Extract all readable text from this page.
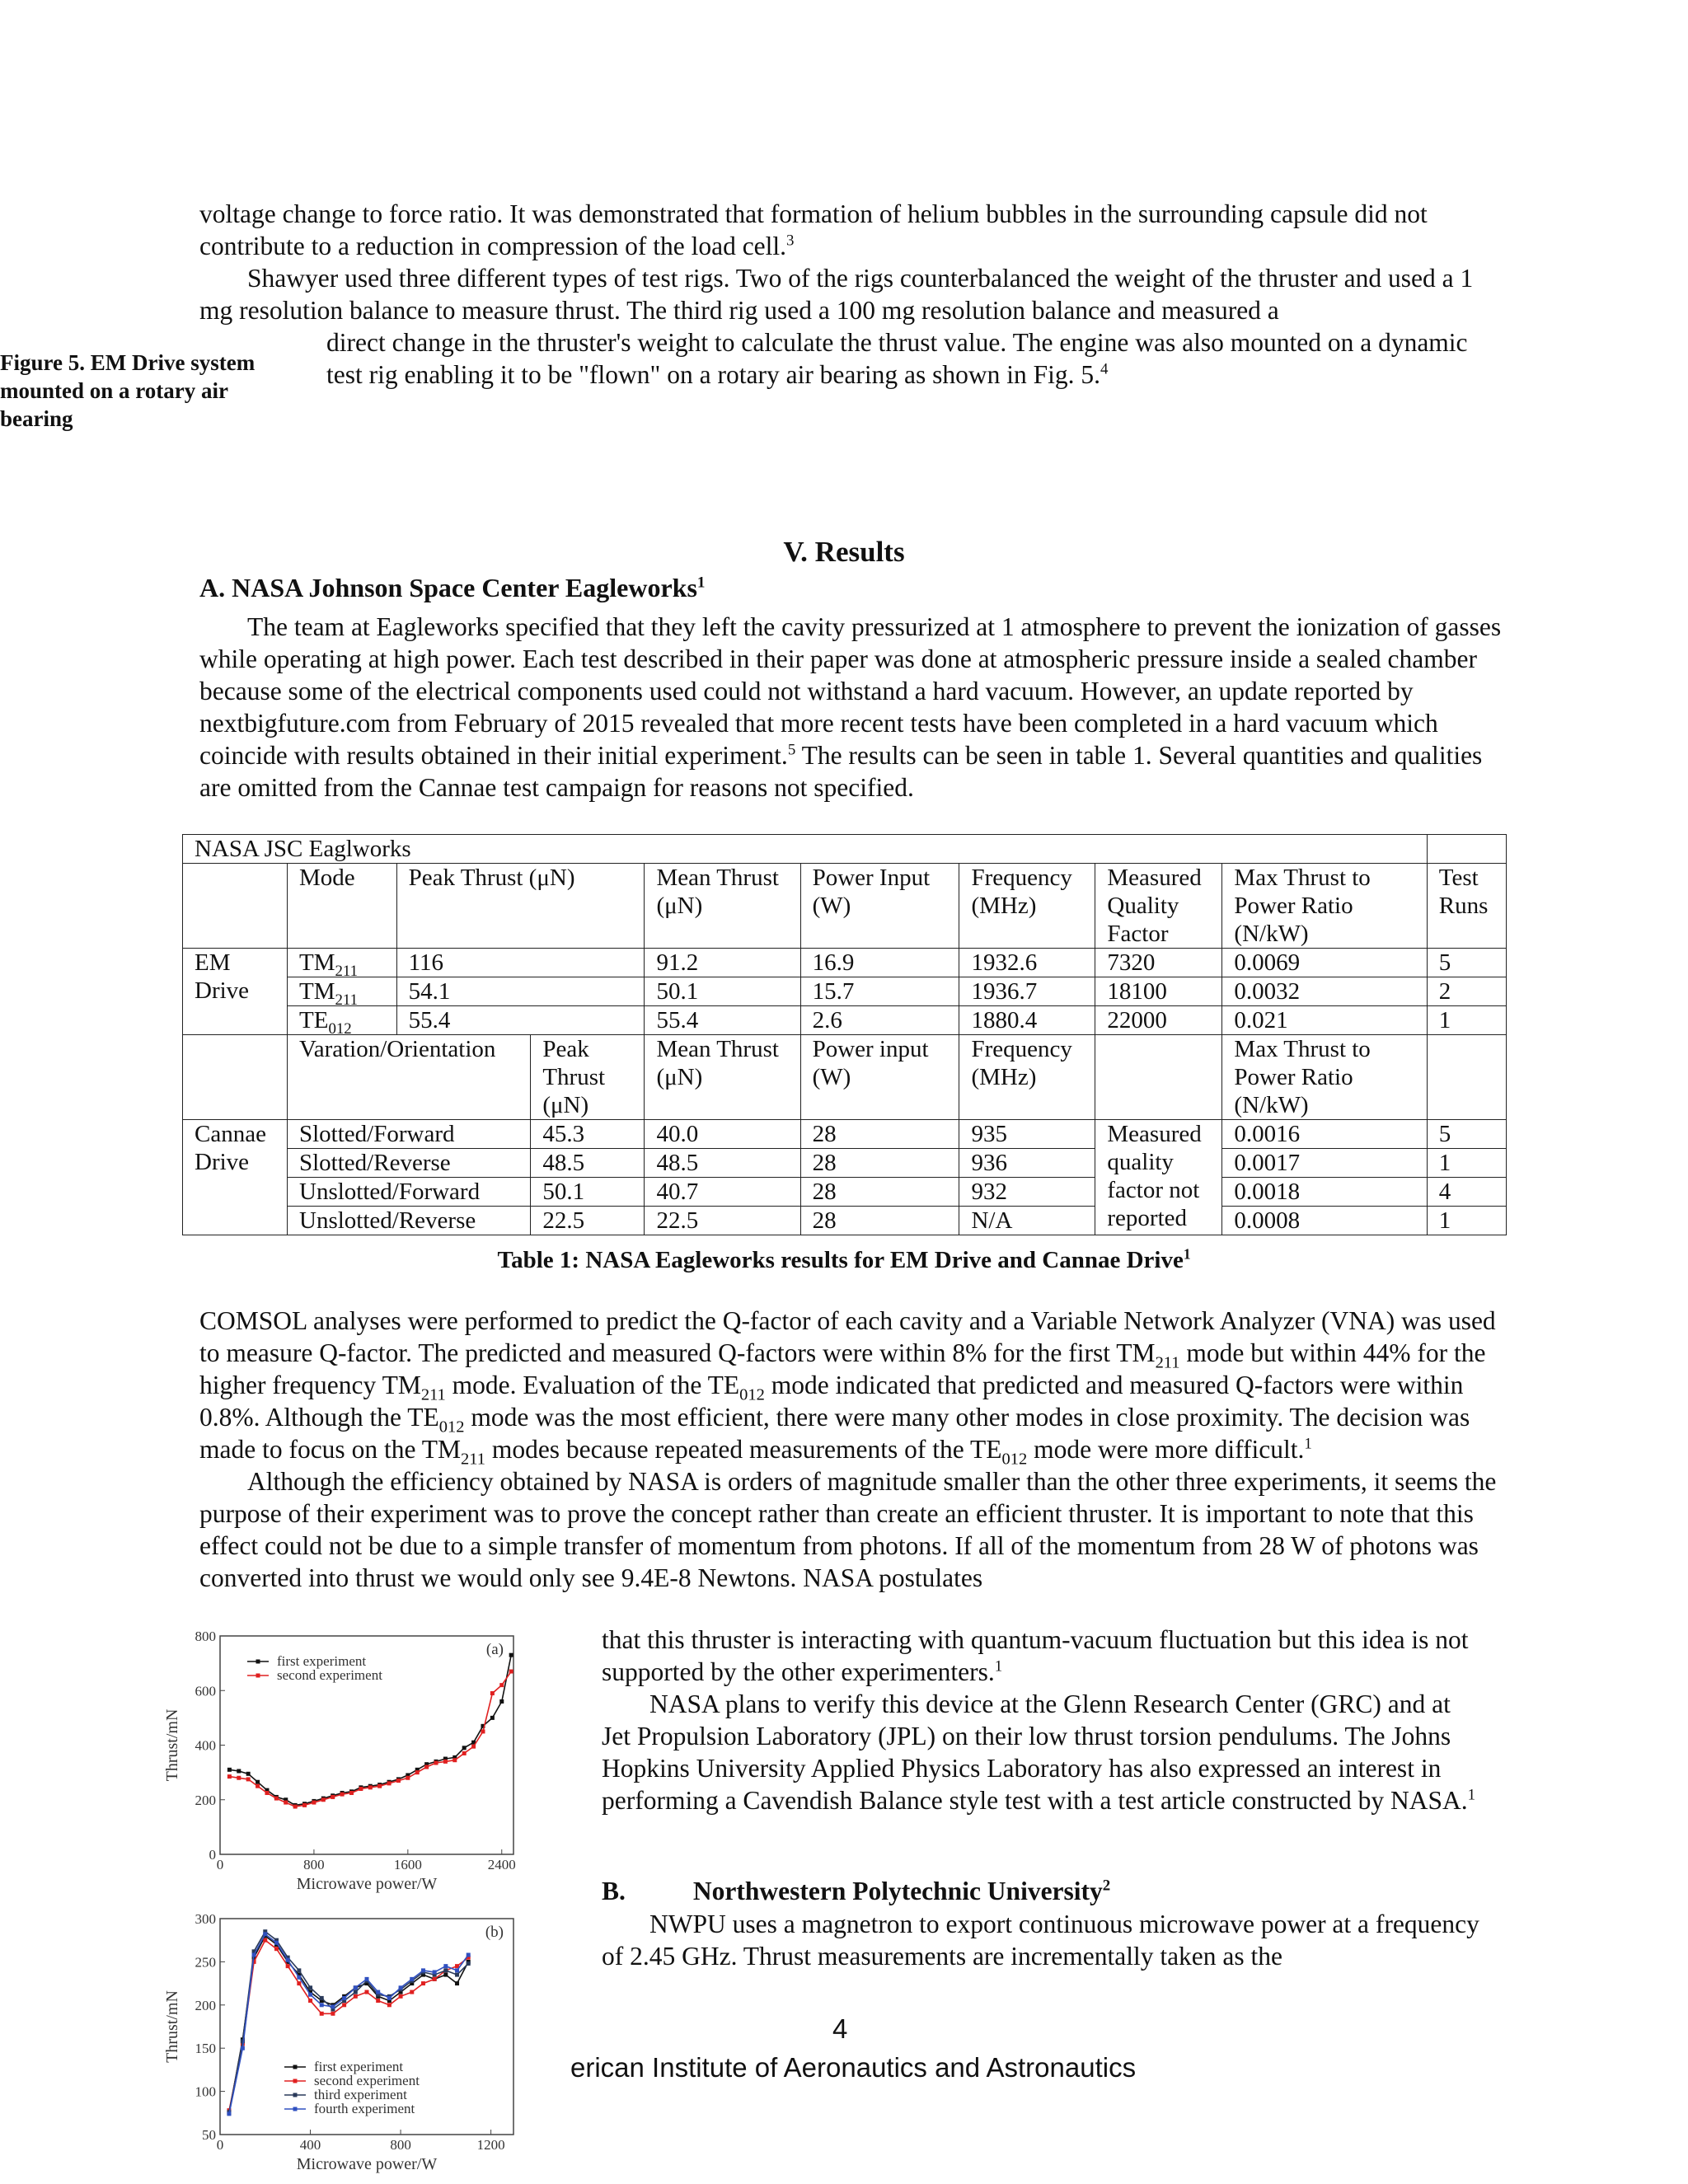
voltage change to force ratio. It was demonstrated that formation of helium bubbles in the surrounding capsule did not contribute to a reduction in compression of the load cell.$^3$

Shawyer used three different types of test rigs. Two of the rigs counterbalanced the weight of the thruster and used a 1 mg resolution balance to measure thrust. The third rig used a 100 mg resolution balance and measured a

direct change in the thruster's weight to calculate the thrust value. The engine was also mounted on a dynamic test rig enabling it to be "flown" on a rotary air bearing as shown in Fig. 5.$^4$

Figure 5. EM Drive system mounted on a rotary air bearing
V. Results
A. NASA Johnson Space Center Eagleworks$^1$

The team at Eagleworks specified that they left the cavity pressurized at 1 atmosphere to prevent the ionization of gasses while operating at high power. Each test described in their paper was done at atmospheric pressure inside a sealed chamber because some of the electrical components used could not withstand a hard vacuum. However, an update reported by nextbigfuture.com from February of 2015 revealed that more recent tests have been completed in a hard vacuum which coincide with results obtained in their initial experiment.$^5$ The results can be seen in table 1. Several quantities and qualities are omitted from the Cannae test campaign for reasons not specified.

NASA JSC Eaglworks									
	Mode	Peak Thrust (μN)		Mean Thrust (μN)	Power Input (W)	Frequency (MHz)	Measured Quality Factor	Max Thrust to Power Ratio (N/kW)	Test Runs
EM Drive	$TM_{211}$	116		91.2	16.9	1932.6	7320	0.0069	5
	$TM_{211}$	54.1		50.1	15.7	1936.7	18100	0.0032	2
	$TE_{012}$	55.4		55.4	2.6	1880.4	22000	0.021	1
	Varation/Orientation		Peak Thrust (μN)	Mean Thrust (μN)	Power input (W)	Frequency (MHz)		Max Thrust to Power Ratio (N/kW)	
Cannae Drive	Slotted/Forward		45.3	40.0	28	935	Measured quality factor not reported	0.0016	5
	Slotted/Reverse		48.5	48.5	28	936		0.0017	1
	Unslotted/Forward		50.1	40.7	28	932		0.0018	4
	Unslotted/Reverse		22.5	22.5	28	N/A		0.0008	1
Table 1: NASA Eagleworks results for EM Drive and Cannae Drive$^1$

COMSOL analyses were performed to predict the Q-factor of each cavity and a Variable Network Analyzer (VNA) was used to measure Q-factor. The predicted and measured Q-factors were within 8% for the first $TM_{211}$ mode but within 44% for the higher frequency $TM_{211}$ mode. Evaluation of the $TE_{012}$ mode indicated that predicted and measured Q-factors were within 0.8%. Although the $TE_{012}$ mode was the most efficient, there were many other modes in close proximity. The decision was made to focus on the $TM_{211}$ modes because repeated measurements of the $TE_{012}$ mode were more difficult.$^1$

Although the efficiency obtained by NASA is orders of magnitude smaller than the other three experiments, it seems the purpose of their experiment was to prove the concept rather than create an efficient thruster. It is important to note that this effect could not be due to a simple transfer of momentum from photons. If all of the momentum from 28 W of photons was converted into thrust we would only see 9.4E-8 Newtons. NASA postulates

that this thruster is interacting with quantum-vacuum fluctuation but this idea is not supported by the other experimenters.$^1$

NASA plans to verify this device at the Glenn Research Center (GRC) and at Jet Propulsion Laboratory (JPL) on their low thrust torsion pendulums. The Johns Hopkins University Applied Physics Laboratory has also expressed an interest in performing a Cavendish Balance style test with a test article constructed by NASA.$^1$

B.	Northwestern Polytechnic University$^2$

NWPU uses a magnetron to export continuous microwave power at a frequency of 2.45 GHz. Thrust measurements are incrementally taken as the

4
erican Institute of Aeronautics and Astronautics
0	800	1600	2400
0
200
400
600
800
Microwave power/W
Thrust/mN
(a)
first experiment
second experiment
0	400	800	1200
50
100
150
200
250
300
Microwave power/W
Thrust/mN
(b)
first experiment
second experiment
third experiment
fourth experiment
